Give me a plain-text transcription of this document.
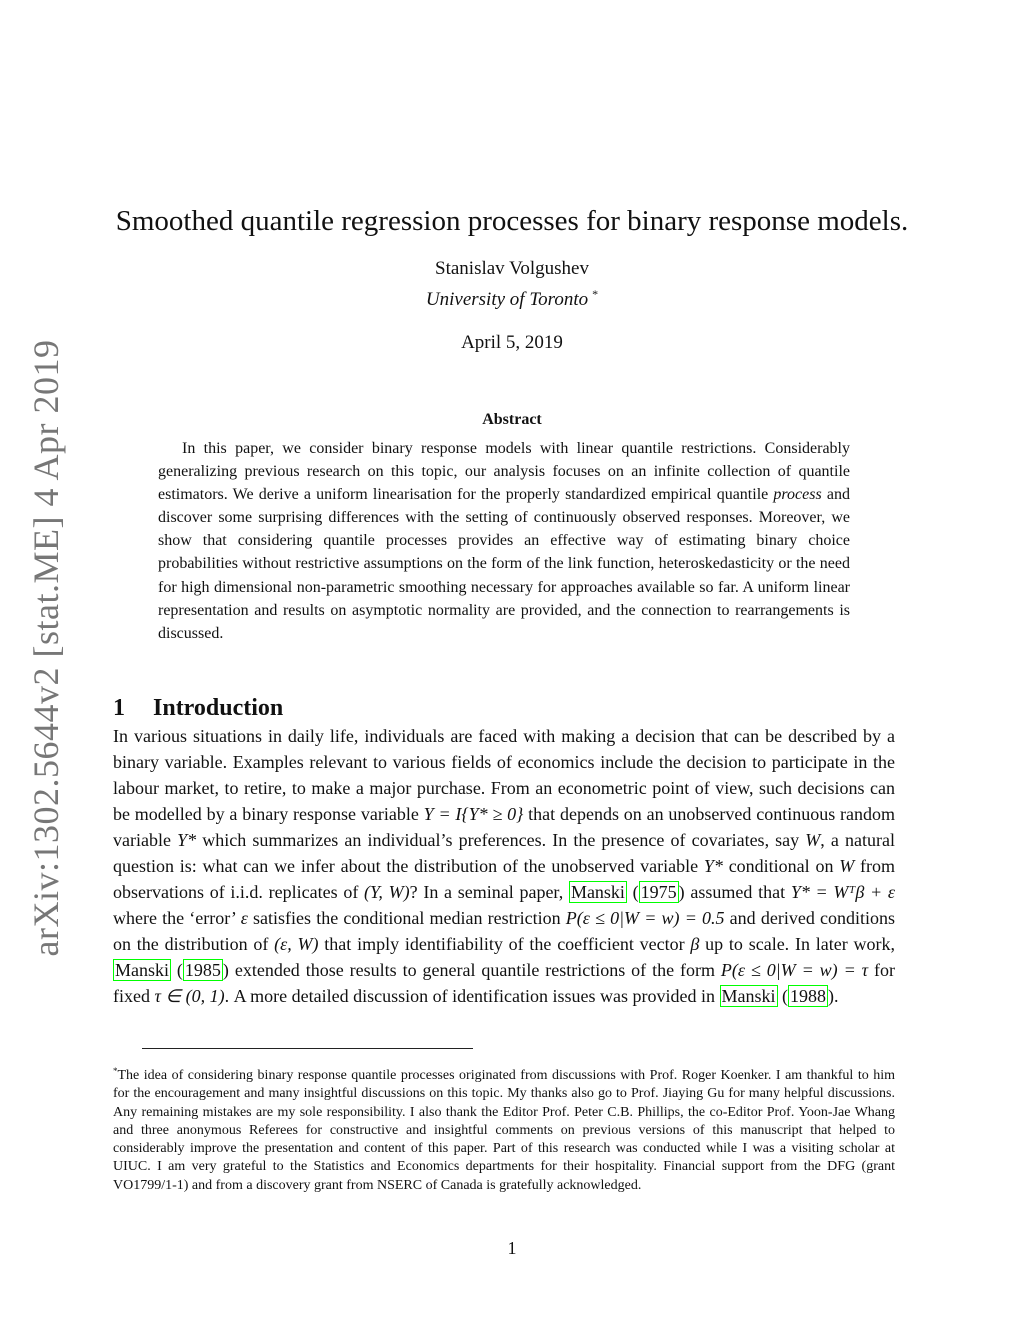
arXiv:1302.5644v2 [stat.ME] 4 Apr 2019
Smoothed quantile regression processes for binary response models.
Stanislav Volgushev
University of Toronto *
April 5, 2019
Abstract
In this paper, we consider binary response models with linear quantile restrictions. Considerably generalizing previous research on this topic, our analysis focuses on an infinite collection of quantile estimators. We derive a uniform linearisation for the properly standardized empirical quantile process and discover some surprising differences with the setting of continuously observed responses. Moreover, we show that considering quantile processes provides an effective way of estimating binary choice probabilities without restrictive assumptions on the form of the link function, heteroskedasticity or the need for high dimensional non-parametric smoothing necessary for approaches available so far. A uniform linear representation and results on asymptotic normality are provided, and the connection to rearrangements is discussed.
1 Introduction
In various situations in daily life, individuals are faced with making a decision that can be described by a binary variable. Examples relevant to various fields of economics include the decision to participate in the labour market, to retire, to make a major purchase. From an econometric point of view, such decisions can be modelled by a binary response variable Y = I{Y* ≥ 0} that depends on an unobserved continuous random variable Y* which summarizes an individual’s preferences. In the presence of covariates, say W, a natural question is: what can we infer about the distribution of the unobserved variable Y* conditional on W from observations of i.i.d. replicates of (Y, W)? In a seminal paper, Manski ( 1975 ) assumed that Y* = Wᵀβ + ε where the ‘error’ ε satisfies the conditional median restriction P(ε ≤ 0|W = w) = 0.5 and derived conditions on the distribution of (ε, W) that imply identifiability of the coefficient vector β up to scale. In later work, Manski ( 1985 ) extended those results to general quantile restrictions of the form P(ε ≤ 0|W = w) = τ for fixed τ ∈ (0, 1). A more detailed discussion of identification issues was provided in Manski ( 1988 ).
*The idea of considering binary response quantile processes originated from discussions with Prof. Roger Koenker. I am thankful to him for the encouragement and many insightful discussions on this topic. My thanks also go to Prof. Jiaying Gu for many helpful discussions. Any remaining mistakes are my sole responsibility. I also thank the Editor Prof. Peter C.B. Phillips, the co-Editor Prof. Yoon-Jae Whang and three anonymous Referees for constructive and insightful comments on previous versions of this manuscript that helped to considerably improve the presentation and content of this paper. Part of this research was conducted while I was a visiting scholar at UIUC. I am very grateful to the Statistics and Economics departments for their hospitality. Financial support from the DFG (grant VO1799/1-1) and from a discovery grant from NSERC of Canada is gratefully acknowledged.
1
